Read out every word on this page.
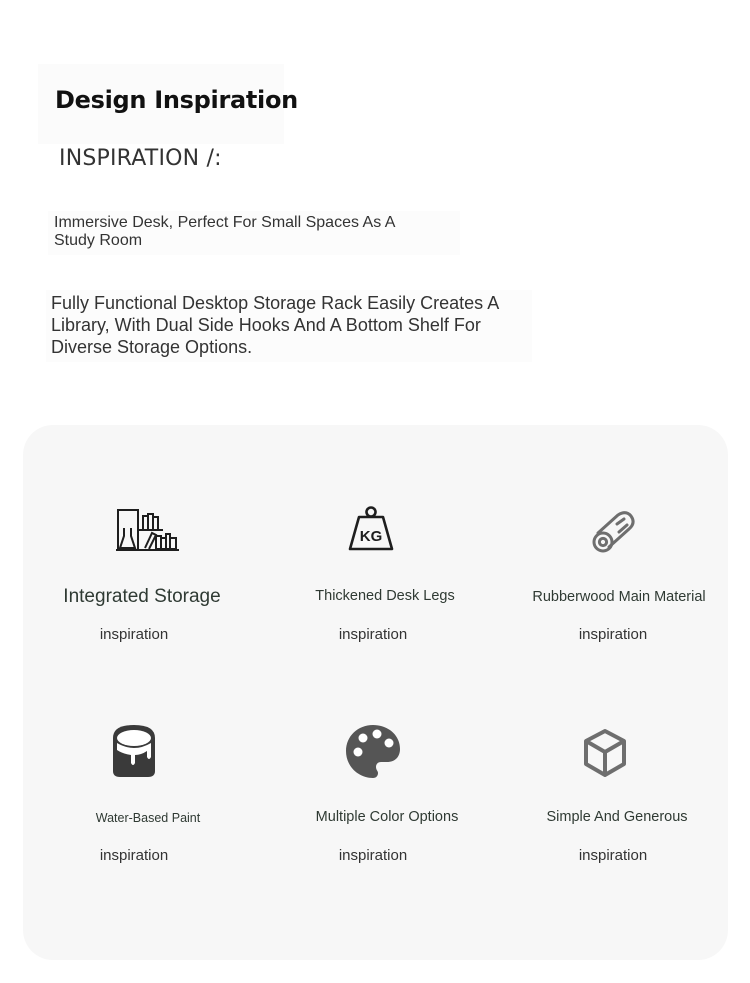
Design Inspiration
INSPIRATION /:

Immersive Desk, Perfect For Small Spaces As A Study Room

Fully Functional Desktop Storage Rack Easily Creates A Library, With Dual Side Hooks And A Bottom Shelf For Diverse Storage Options.

Integrated Storage
inspiration
KG
Thickened Desk Legs
inspiration
Rubberwood Main Material
inspiration
Water-Based Paint
inspiration
Multiple Color Options
inspiration
Simple And Generous
inspiration
